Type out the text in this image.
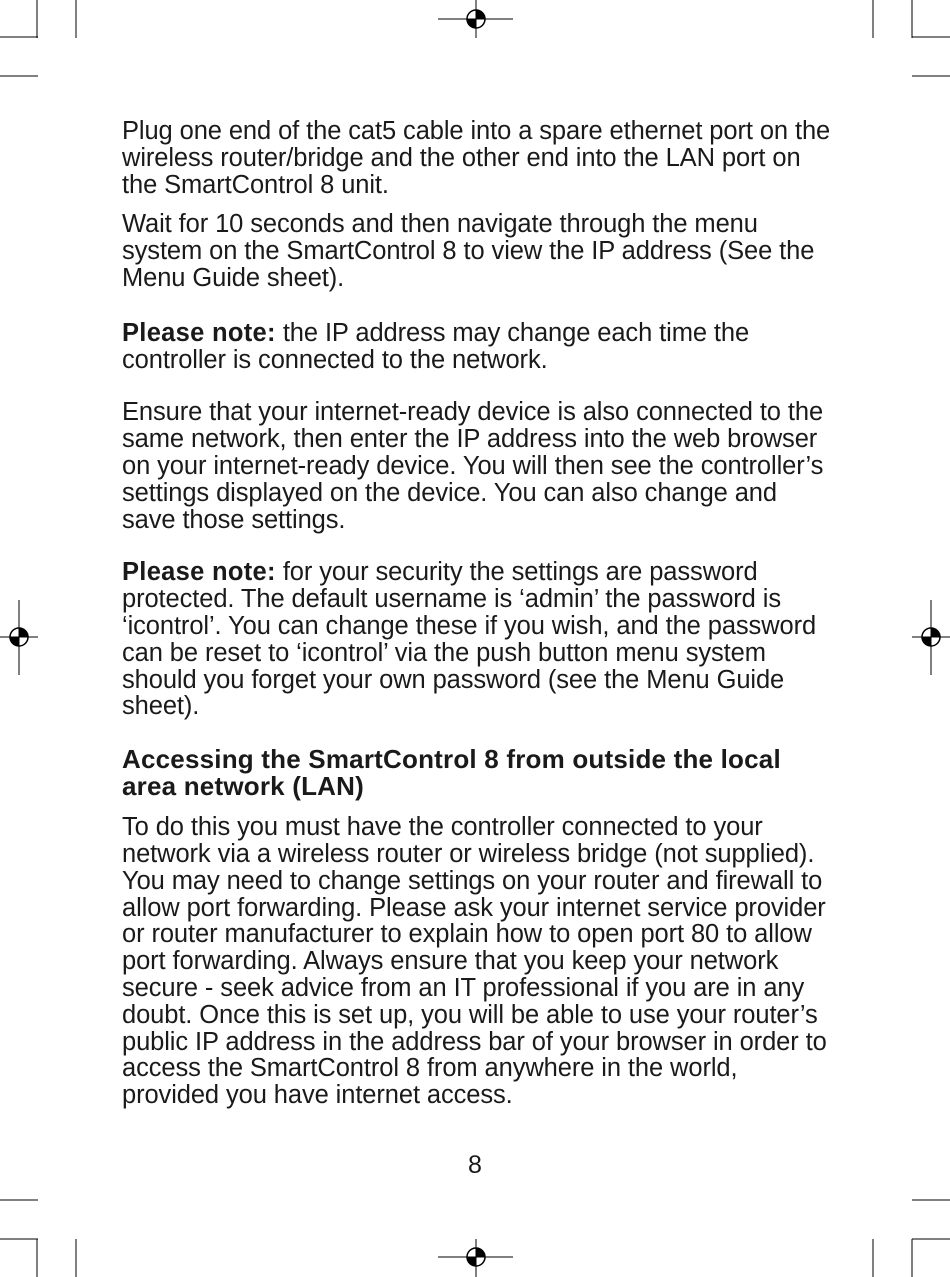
Plug one end of the cat5 cable into a spare ethernet port on the wireless router/bridge and the other end into the LAN port on the SmartControl 8 unit.

Wait for 10 seconds and then navigate through the menu system on the SmartControl 8 to view the IP address (See the Menu Guide sheet).

Please note: the IP address may change each time the controller is connected to the network.

Ensure that your internet-ready device is also connected to the same network, then enter the IP address into the web browser on your internet-ready device. You will then see the controller’s settings displayed on the device. You can also change and save those settings.

Please note: for your security the settings are password protected. The default username is ‘admin’ the password is ‘icontrol’. You can change these if you wish, and the password can be reset to ‘icontrol’ via the push button menu system should you forget your own password (see the Menu Guide sheet).

Accessing the SmartControl 8 from outside the local area network (LAN)

To do this you must have the controller connected to your network via a wireless router or wireless bridge (not supplied). You may need to change settings on your router and firewall to allow port forwarding. Please ask your internet service provider or router manufacturer to explain how to open port 80 to allow port forwarding. Always ensure that you keep your network secure - seek advice from an IT professional if you are in any doubt. Once this is set up, you will be able to use your router’s public IP address in the address bar of your browser in order to access the SmartControl 8 from anywhere in the world, provided you have internet access.

8
